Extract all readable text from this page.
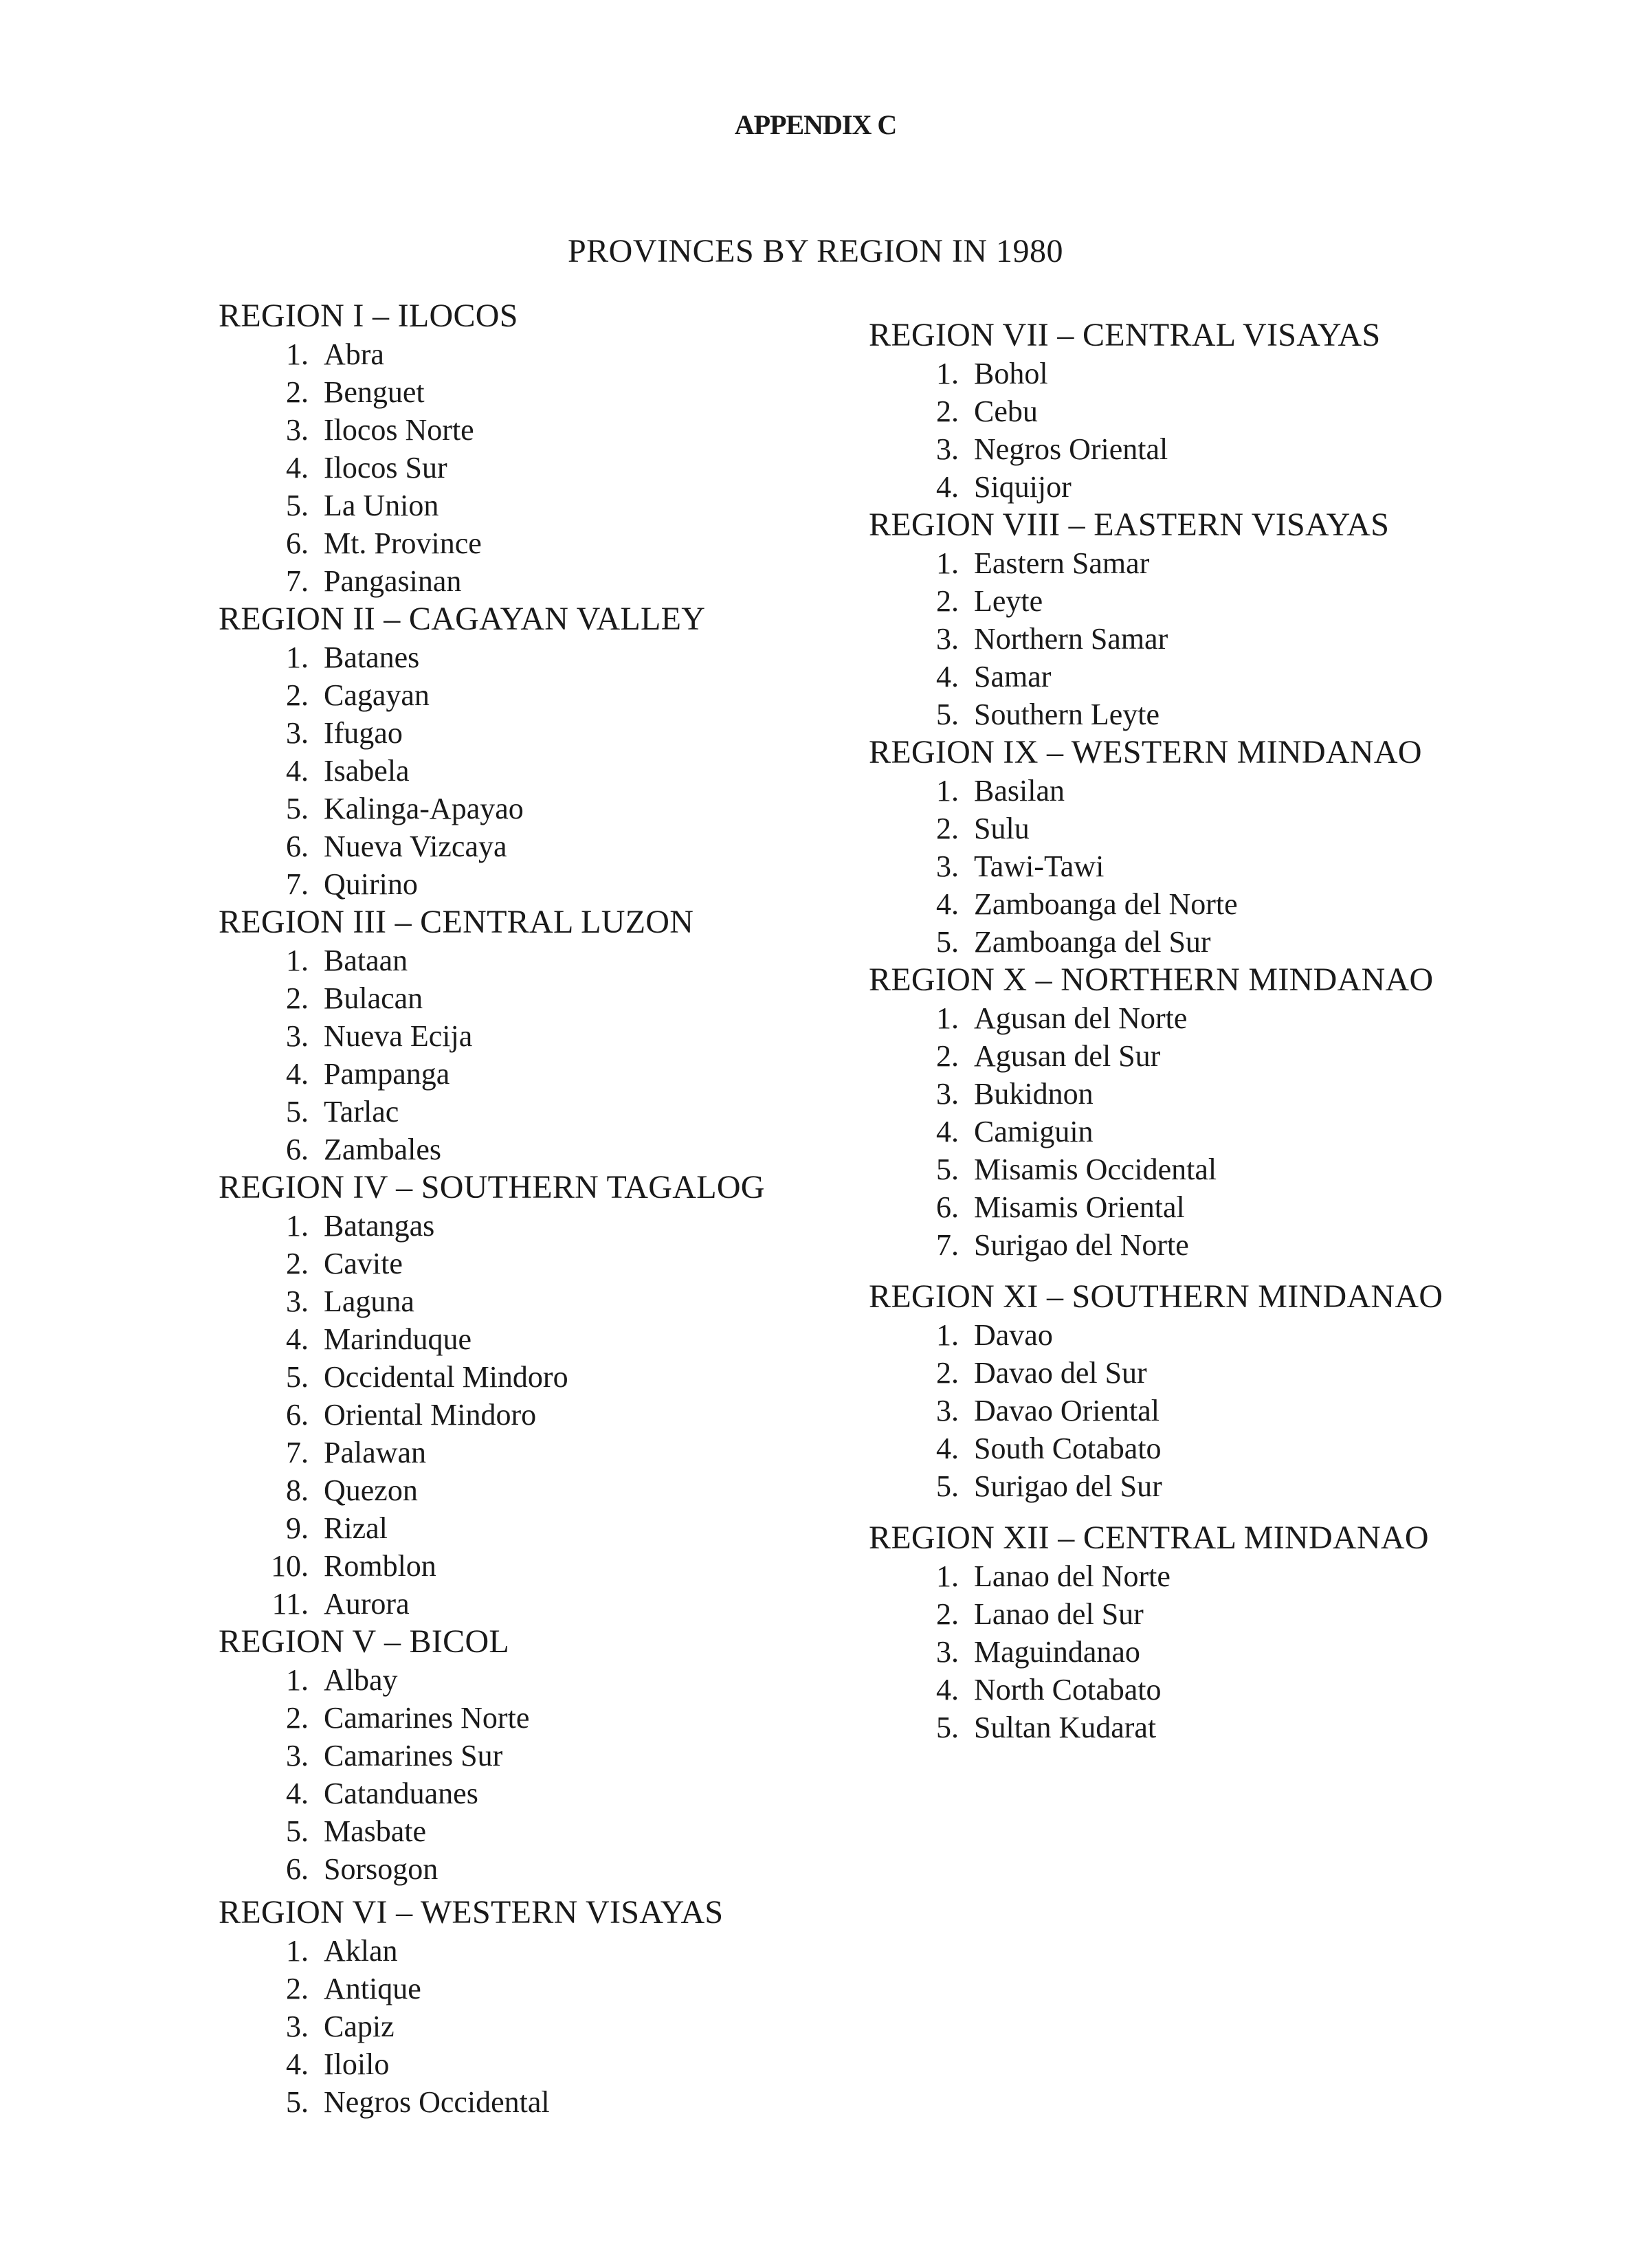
APPENDIX C
PROVINCES BY REGION IN 1980
REGION I – ILOCOS
1. Abra
2. Benguet
3. Ilocos Norte
4. Ilocos Sur
5. La Union
6. Mt. Province
7. Pangasinan
REGION II – CAGAYAN VALLEY
1. Batanes
2. Cagayan
3. Ifugao
4. Isabela
5. Kalinga-Apayao
6. Nueva Vizcaya
7. Quirino
REGION III – CENTRAL LUZON
1. Bataan
2. Bulacan
3. Nueva Ecija
4. Pampanga
5. Tarlac
6. Zambales
REGION IV – SOUTHERN TAGALOG
1. Batangas
2. Cavite
3. Laguna
4. Marinduque
5. Occidental Mindoro
6. Oriental Mindoro
7. Palawan
8. Quezon
9. Rizal
10. Romblon
11. Aurora
REGION V – BICOL
1. Albay
2. Camarines Norte
3. Camarines Sur
4. Catanduanes
5. Masbate
6. Sorsogon
REGION VI – WESTERN VISAYAS
1. Aklan
2. Antique
3. Capiz
4. Iloilo
5. Negros Occidental
REGION VII – CENTRAL VISAYAS
1. Bohol
2. Cebu
3. Negros Oriental
4. Siquijor
REGION VIII – EASTERN VISAYAS
1. Eastern Samar
2. Leyte
3. Northern Samar
4. Samar
5. Southern Leyte
REGION IX – WESTERN MINDANAO
1. Basilan
2. Sulu
3. Tawi-Tawi
4. Zamboanga del Norte
5. Zamboanga del Sur
REGION X – NORTHERN MINDANAO
1. Agusan del Norte
2. Agusan del Sur
3. Bukidnon
4. Camiguin
5. Misamis Occidental
6. Misamis Oriental
7. Surigao del Norte
REGION XI – SOUTHERN MINDANAO
1. Davao
2. Davao del Sur
3. Davao Oriental
4. South Cotabato
5. Surigao del Sur
REGION XII – CENTRAL MINDANAO
1. Lanao del Norte
2. Lanao del Sur
3. Maguindanao
4. North Cotabato
5. Sultan Kudarat
